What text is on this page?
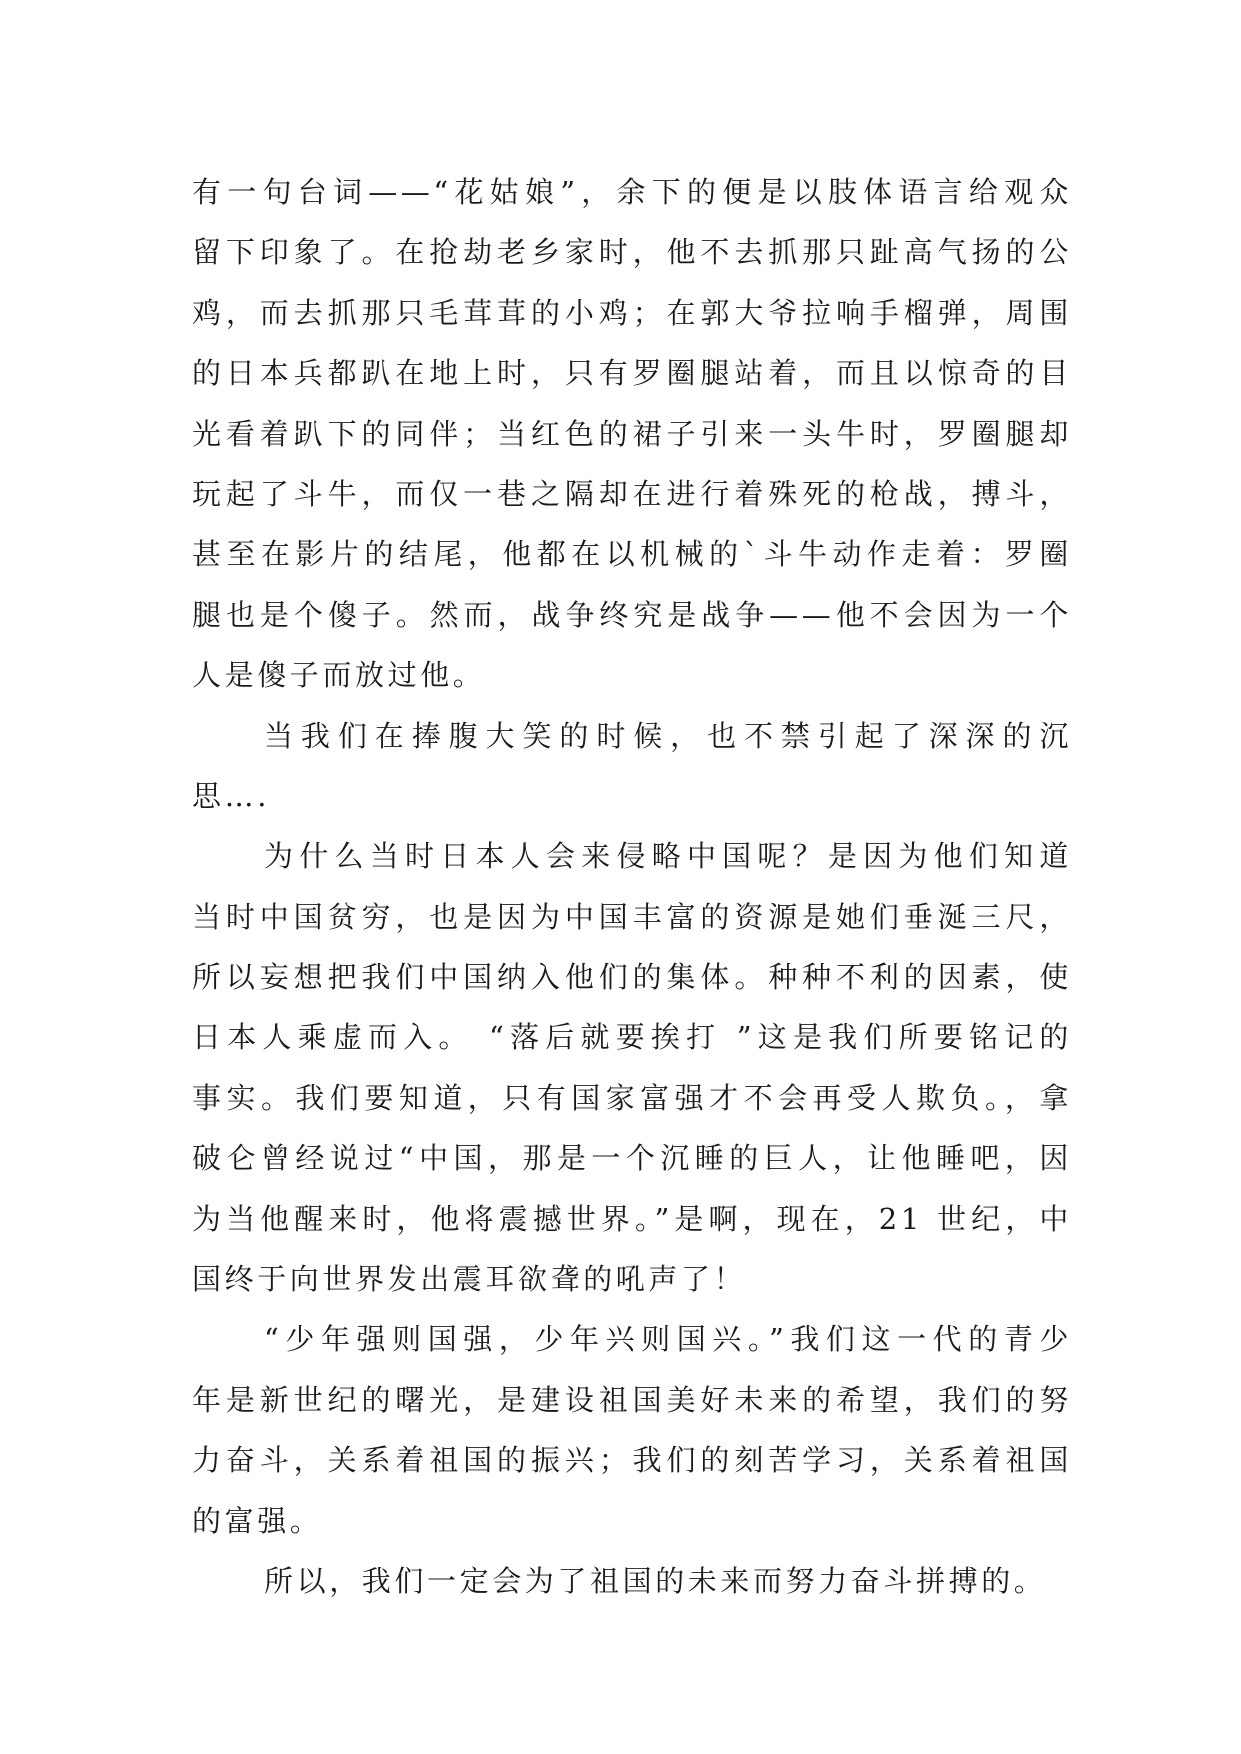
有一句台词——“花姑娘”，余下的便是以肢体语言给观众
留下印象了。在抢劫老乡家时，他不去抓那只趾高气扬的公
鸡，而去抓那只毛茸茸的小鸡；在郭大爷拉响手榴弹，周围
的日本兵都趴在地上时，只有罗圈腿站着，而且以惊奇的目
光看着趴下的同伴；当红色的裙子引来一头牛时，罗圈腿却
玩起了斗牛，而仅一巷之隔却在进行着殊死的枪战，搏斗，
甚至在影片的结尾，他都在以机械的`斗牛动作走着：罗圈
腿也是个傻子。然而，战争终究是战争——他不会因为一个
人是傻子而放过他。
当我们在捧腹大笑的时候，也不禁引起了深深的沉
思….
为什么当时日本人会来侵略中国呢？是因为他们知道
当时中国贫穷，也是因为中国丰富的资源是她们垂涎三尺，
所以妄想把我们中国纳入他们的集体。种种不利的因素，使
日本人乘虚而入。 “落后就要挨打 ”这是我们所要铭记的
事实。我们要知道，只有国家富强才不会再受人欺负。，拿
破仑曾经说过“中国，那是一个沉睡的巨人，让他睡吧，因
为当他醒来时，他将震撼世界。”是啊，现在，21 世纪，中
国终于向世界发出震耳欲聋的吼声了！
“少年强则国强，少年兴则国兴。”我们这一代的青少
年是新世纪的曙光，是建设祖国美好未来的希望，我们的努
力奋斗，关系着祖国的振兴；我们的刻苦学习，关系着祖国
的富强。
所以，我们一定会为了祖国的未来而努力奋斗拼搏的。
